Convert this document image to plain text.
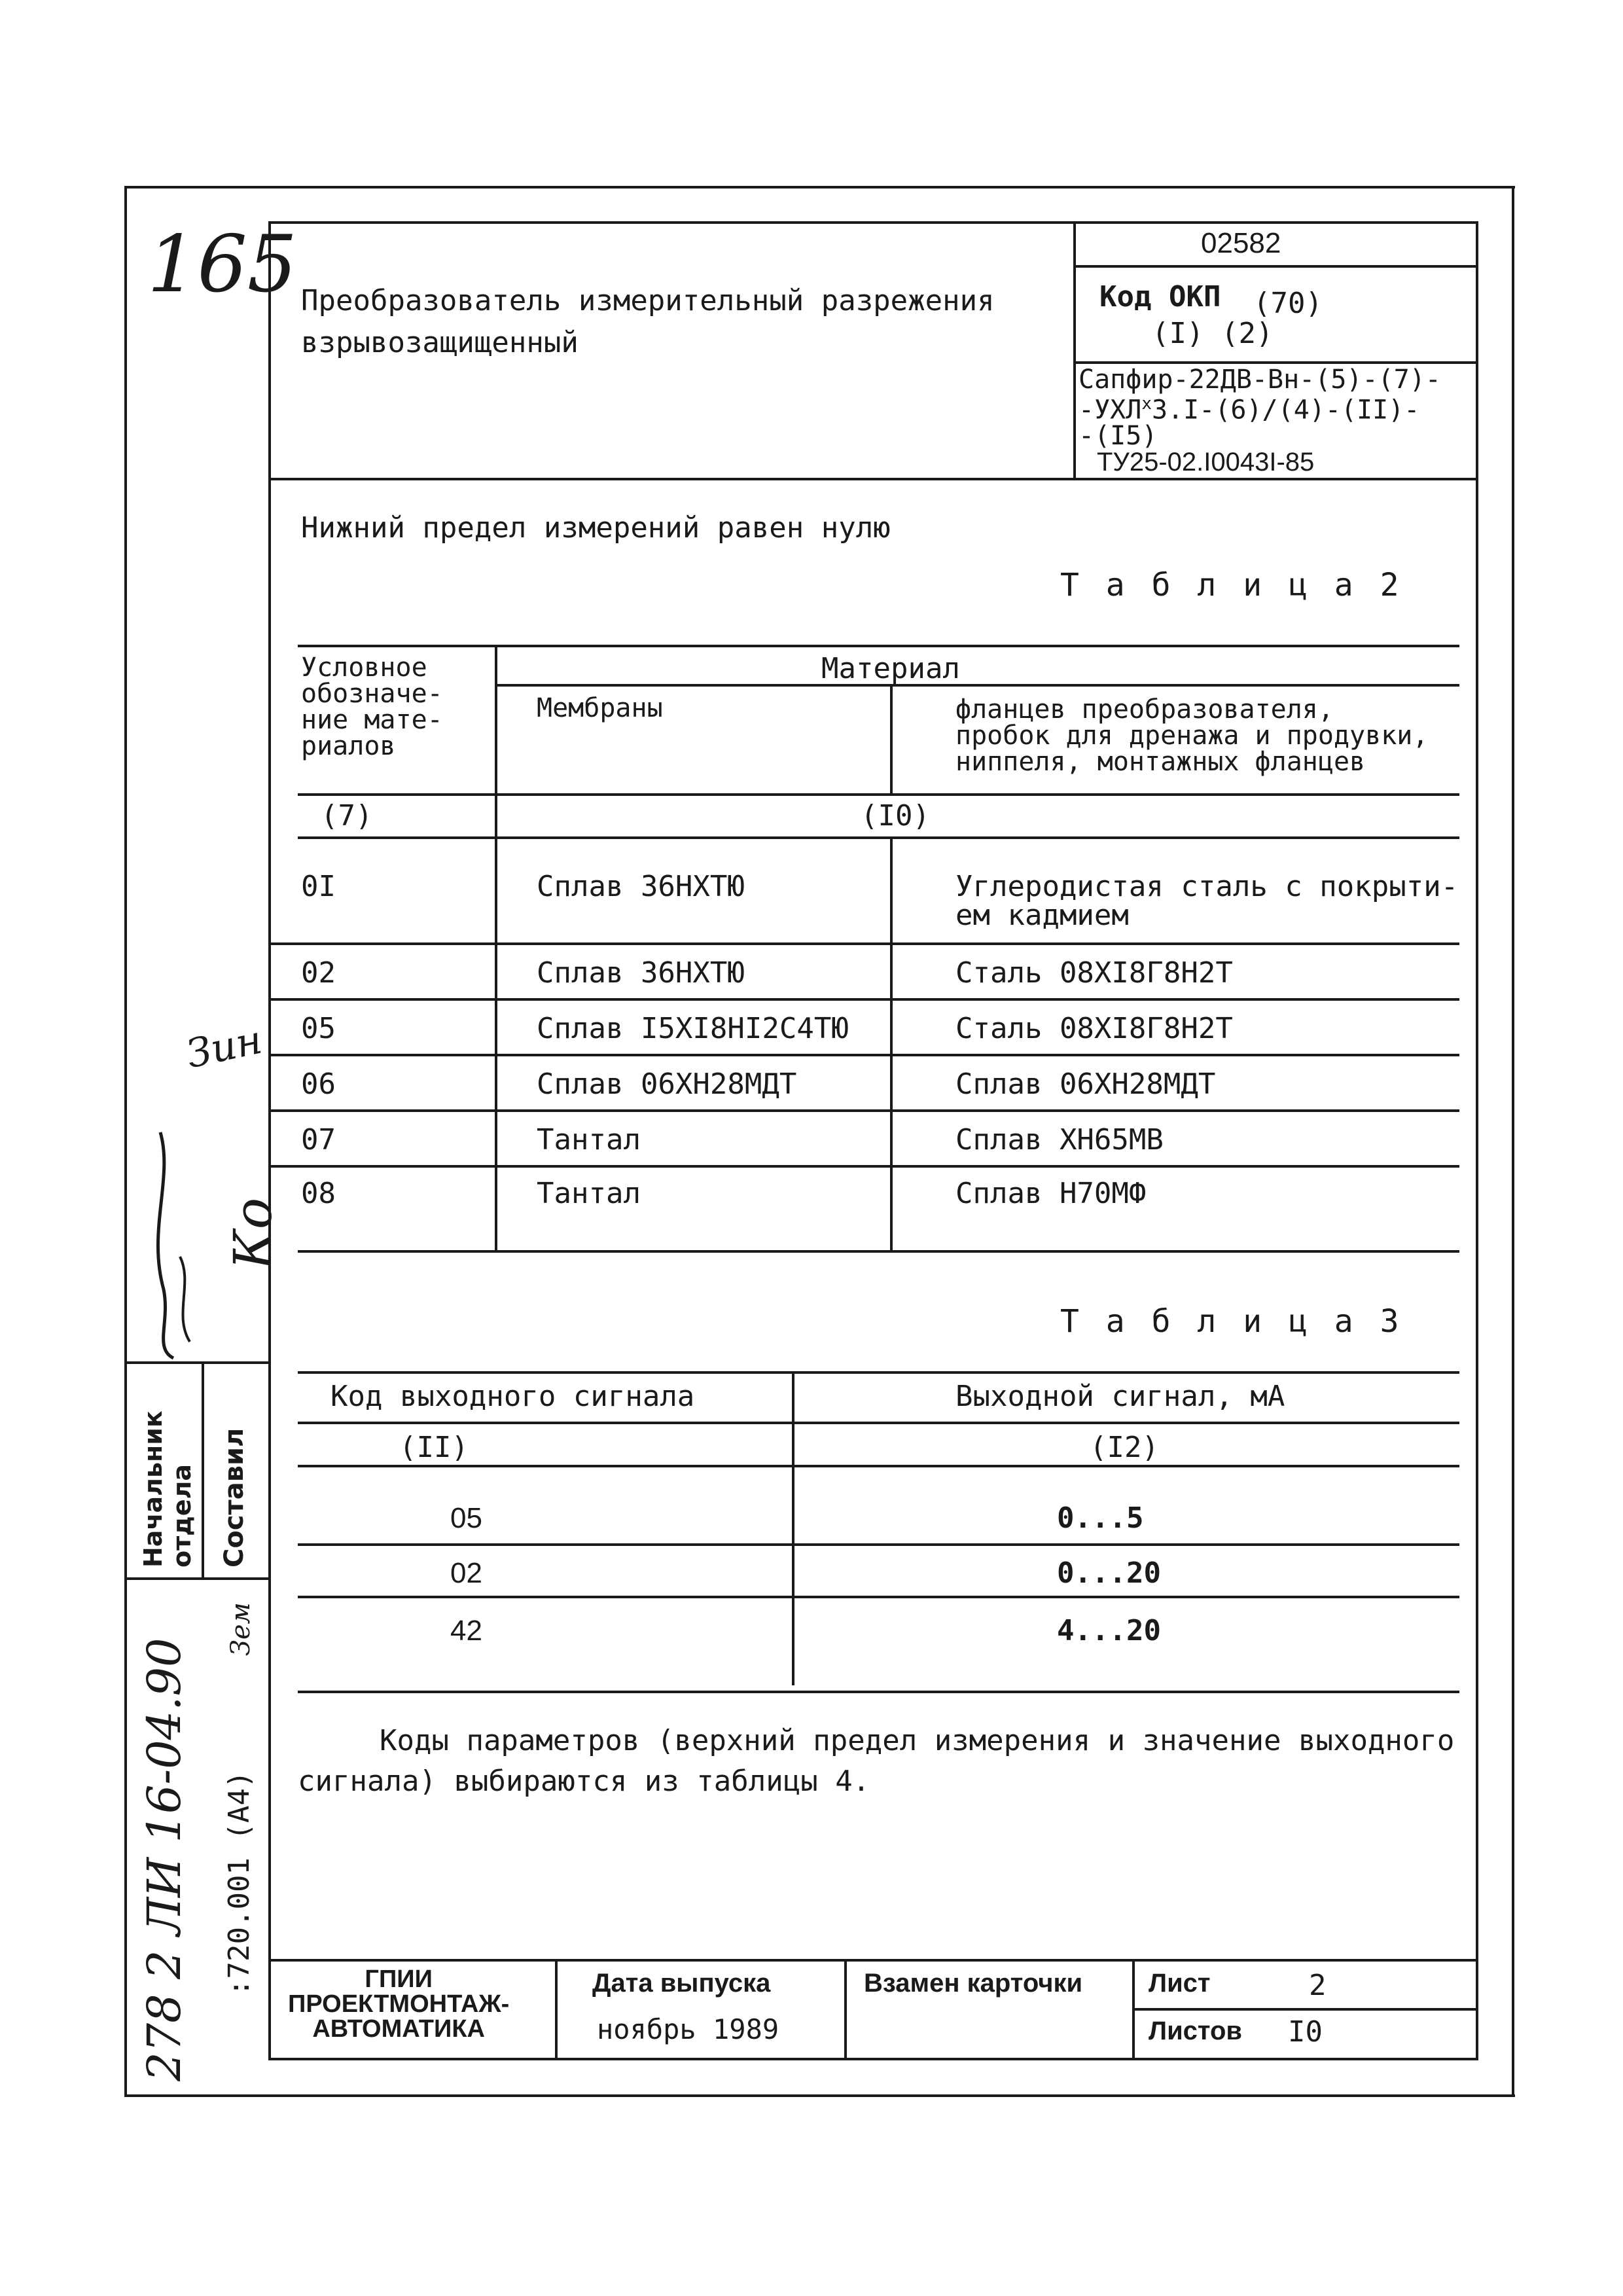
165 Преобразователь измерительный разрежения
взрывозащищенный
02582
Код ОКП (70)
(I) (2)
Сапфир-22ДВ-Вн-(5)-(7)-
$-УХЛ^х3.I-(6)/(4)-(II)-$
-(I5)
ТУ25-02.I0043I-85
Нижний предел измерений равен нулю
Т а б л и ц а 2
Условное
обозначе-
ние мате-
риалов
Материал
Мембраны	фланцев преобразователя,
пробок для дренажа и продувки,
ниппеля, монтажных фланцев
(7)	(I0)
0I	Сплав 36НХТЮ	Углеродистая сталь с покрыти-
ем кадмием
02	Сплав 36НХТЮ	Сталь 08ХI8Г8Н2Т
05	Сплав I5ХI8НI2С4ТЮ	Сталь 08ХI8Г8Н2Т
06	Сплав 06ХН28МДТ	Сплав 06ХН28МДТ
07	Тантал	Сплав ХН65МВ
08	Тантал	Сплав Н70МФ
Т а б л и ц а 3
Код выходного сигнала	Выходной сигнал, мА
(II)	(I2)
05	0...5
02	0...20
42	4...20
Коды параметров (верхний предел измерения и значение выходного
сигнала) выбираются из таблицы 4.
ГПИИ
ПРОЕКТМОНТАЖ-
АВТОМАТИКА
Дата выпуска
ноябрь 1989
Взамен карточки	Лист	2
Листов I0
Начальник отдела Составил
:720.001 (А4)
278 2 ЛИ 16-04.90
Зем
Зин
Ко
